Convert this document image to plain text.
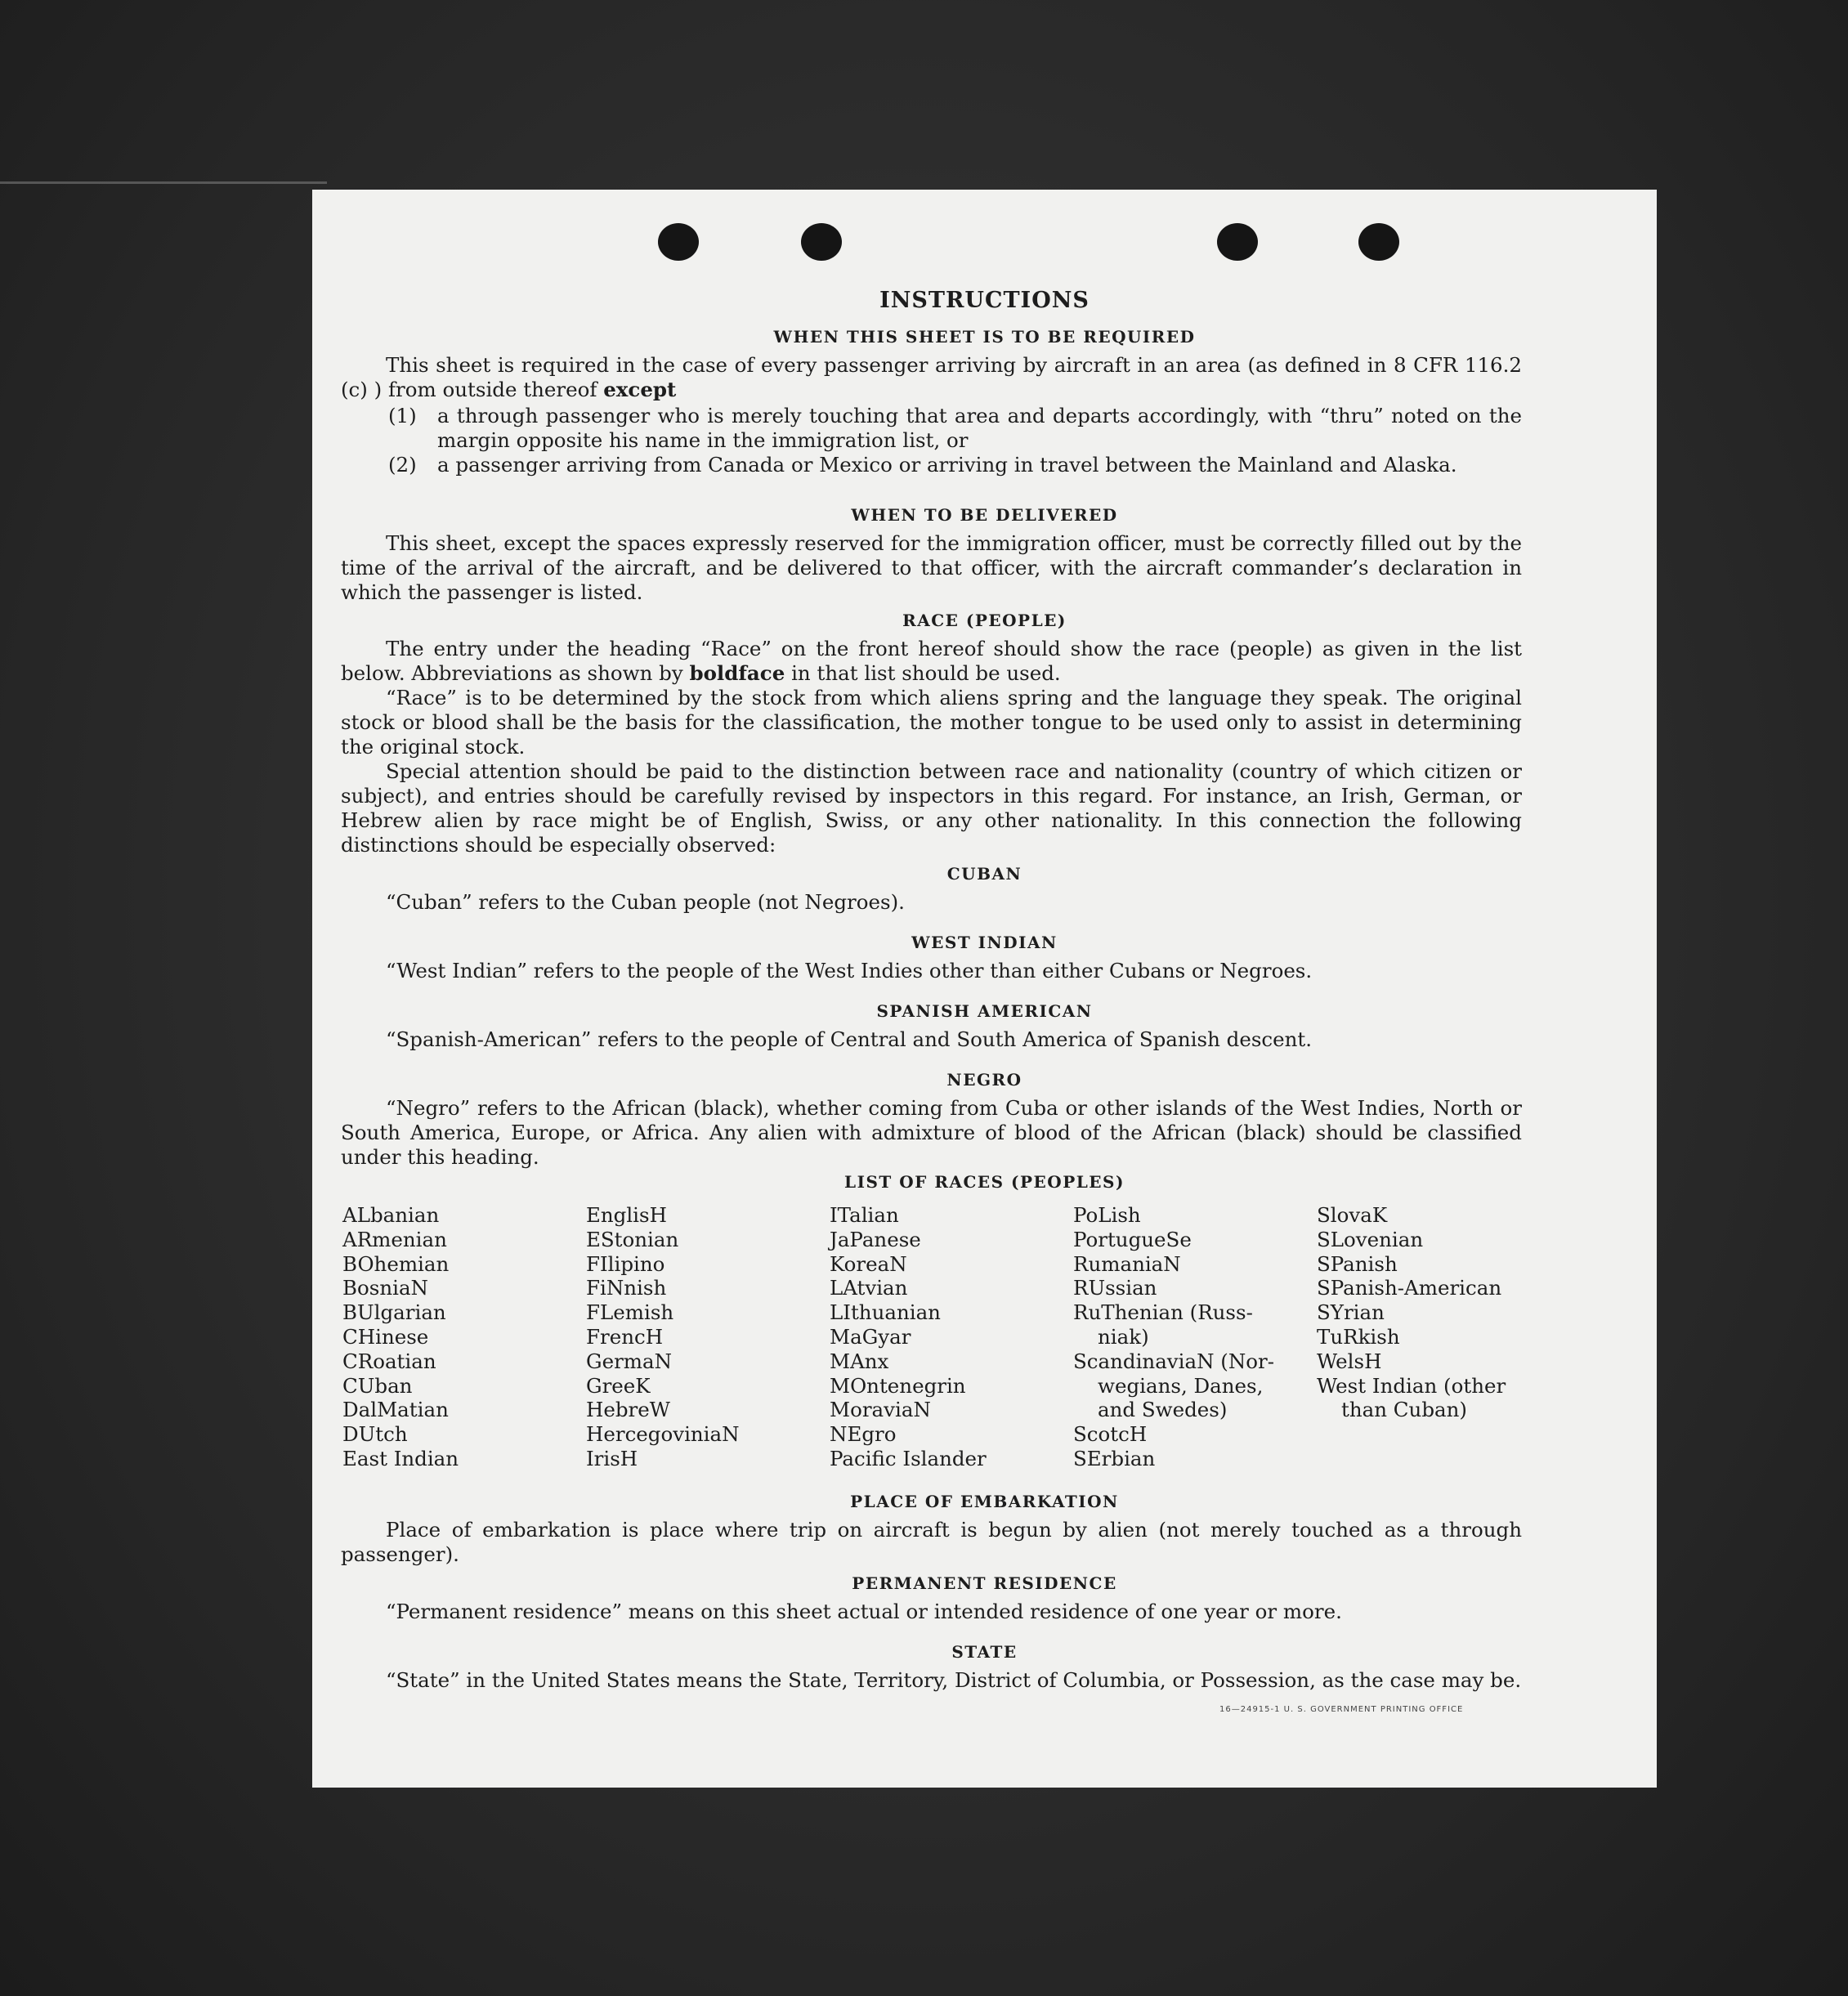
INSTRUCTIONS
WHEN THIS SHEET IS TO BE REQUIRED
This sheet is required in the case of every passenger arriving by aircraft in an area (as defined in 8 CFR 116.2 (c) ) from outside thereof except
(1) a through passenger who is merely touching that area and departs accordingly, with “thru” noted on the margin opposite his name in the immigration list, or
(2) a passenger arriving from Canada or Mexico or arriving in travel between the Mainland and Alaska.
WHEN TO BE DELIVERED
This sheet, except the spaces expressly reserved for the immigration officer, must be correctly filled out by the time of the arrival of the aircraft, and be delivered to that officer, with the aircraft commander’s declaration in which the passenger is listed.
RACE (PEOPLE)
The entry under the heading “Race” on the front hereof should show the race (people) as given in the list below. Abbreviations as shown by boldface in that list should be used.
“Race” is to be determined by the stock from which aliens spring and the language they speak. The original stock or blood shall be the basis for the classification, the mother tongue to be used only to assist in determining the original stock.
Special attention should be paid to the distinction between race and nationality (country of which citizen or subject), and entries should be carefully revised by inspectors in this regard. For instance, an Irish, German, or Hebrew alien by race might be of English, Swiss, or any other nationality. In this connection the following distinctions should be especially observed:
CUBAN
“Cuban” refers to the Cuban people (not Negroes).
WEST INDIAN
“West Indian” refers to the people of the West Indies other than either Cubans or Negroes.
SPANISH AMERICAN
“Spanish-American” refers to the people of Central and South America of Spanish descent.
NEGRO
“Negro” refers to the African (black), whether coming from Cuba or other islands of the West Indies, North or South America, Europe, or Africa. Any alien with admixture of blood of the African (black) should be classified under this heading.
LIST OF RACES (PEOPLES)
ALbanian
ARmenian
BOhemian
BosniaN
BUlgarian
CHinese
CRoatian
CUban
DalMatian
DUtch
East Indian
EnglisH
EStonian
FIlipino
FiNnish
FLemish
FrencH
GermaN
GreeK
HebreW
HercegoviniaN
IrisH
ITalian
JaPanese
KoreaN
LAtvian
LIthuanian
MaGyar
MAnx
MOntenegrin
MoraviaN
NEgro
Pacific Islander
PoLish
PortugueSe
RumaniaN
RUssian
RuThenian (Russ-
niak)
ScandinaviaN (Nor-
wegians, Danes,
and Swedes)
ScotcH
SErbian
SlovaK
SLovenian
SPanish
SPanish-American
SYrian
TuRkish
WelsH
West Indian (other
than Cuban)
PLACE OF EMBARKATION
Place of embarkation is place where trip on aircraft is begun by alien (not merely touched as a through passenger).
PERMANENT RESIDENCE
“Permanent residence” means on this sheet actual or intended residence of one year or more.
STATE
“State” in the United States means the State, Territory, District of Columbia, or Possession, as the case may be.
16—24915-1 U. S. GOVERNMENT PRINTING OFFICE
